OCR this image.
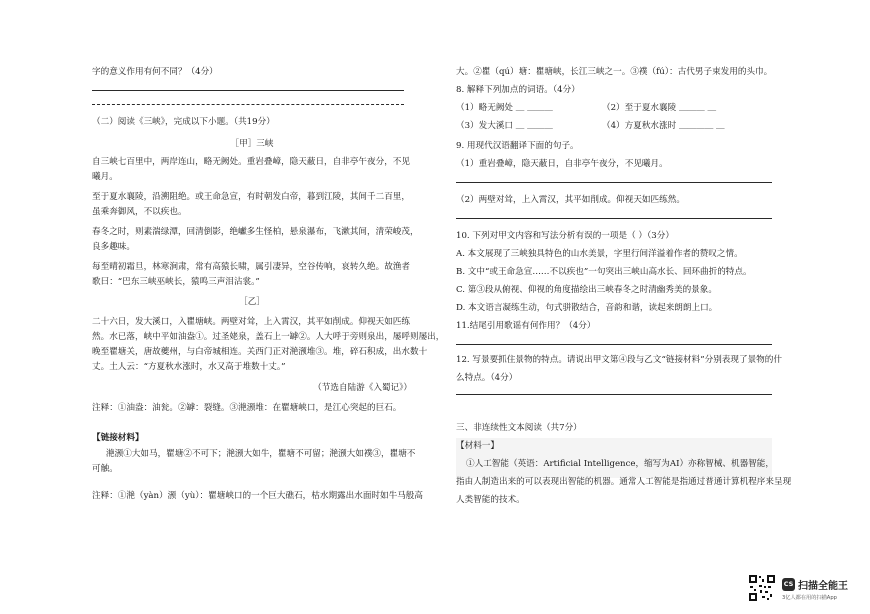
字的意义作用有何不同？（4分）
（二）阅读《三峡》，完成以下小题。（共19分）
［甲］三峡
自三峡七百里中，两岸连山，略无阙处。重岩叠嶂，隐天蔽日，自非亭午夜分，不见
曦月。
至于夏水襄陵，沿溯阻绝。或王命急宣，有时朝发白帝，暮到江陵，其间千二百里，
虽乘奔御风，不以疾也。
春冬之时，则素湍绿潭，回清倒影，绝巘多生怪柏，悬泉瀑布，飞漱其间，清荣峻茂，
良多趣味。
每至晴初霜旦，林寒涧肃，常有高猿长啸，属引凄异，空谷传响，哀转久绝。故渔者
歌曰：“巴东三峡巫峡长，猿鸣三声泪沾裳。”
［乙］
二十六日，发大溪口，入瞿塘峡。两壁对耸，上入霄汉，其平如削成。仰视天如匹练
然。水已落，峡中平如油盎①。过圣姥泉，盖石上一罅②。人大呼于旁则泉出，屡呼则屡出，
晚至瞿塘关，唐故夔州，与白帝城相连。关西门正对滟滪堆③。堆，碎石积成，出水数十
丈。土人云：“方夏秋水涨时，水又高于堆数十丈。”
（节选自陆游《入蜀记》）
注释：①油盎：油瓮。②罅：裂缝。③滟滪堆：在瞿塘峡口，是江心突起的巨石。
【链接材料】
滟滪①大如马，瞿塘②不可下；滟滪大如牛，瞿塘不可留；滟滪大如襆③，瞿塘不
可触。
注释：①滟（yàn）滪（yù）：瞿塘峡口的一个巨大礁石，枯水期露出水面时如牛马般高
大。②瞿（qú）塘：瞿塘峡，长江三峡之一。③襆（fú）：古代男子束发用的头巾。
8. 解释下列加点的词语。（4分）
（1）略无阙处 ＿ ＿＿＿	（2）至于夏水襄陵 ＿＿＿ ＿
（3）发大溪口 ＿ ＿＿＿	（4）方夏秋水涨时 ＿＿＿＿ ＿
9. 用现代汉语翻译下面的句子。
（1）重岩叠嶂，隐天蔽日，自非亭午夜分，不见曦月。
（2）两壁对耸，上入霄汉，其平如削成。仰视天如匹练然。
10. 下列对甲文内容和写法分析有误的一项是（ ）（3分）
A. 本文展现了三峡独具特色的山水美景，字里行间洋溢着作者的赞叹之情。
B. 文中“或王命急宣……不以疾也”一句突出三峡山高水长、回环曲折的特点。
C. 第③段从俯视、仰视的角度描绘出三峡春冬之时清幽秀美的景象。
D. 本文语言凝练生动，句式骈散结合，音韵和谐，读起来朗朗上口。
11.结尾引用歌谣有何作用？（4分）
12. 写景要抓住景物的特点。请说出甲文第④段与乙文“链接材料”分别表现了景物的什
么特点。（4分）
三、非连续性文本阅读（共7分）
【材料一】
①人工智能（英语：Artificial Intelligence，缩写为AI）亦称智械、机器智能，
指由人制造出来的可以表现出智能的机器。通常人工智能是指通过普通计算机程序来呈现
人类智能的技术。
CS 扫描全能王
3亿人都在用的扫描App
